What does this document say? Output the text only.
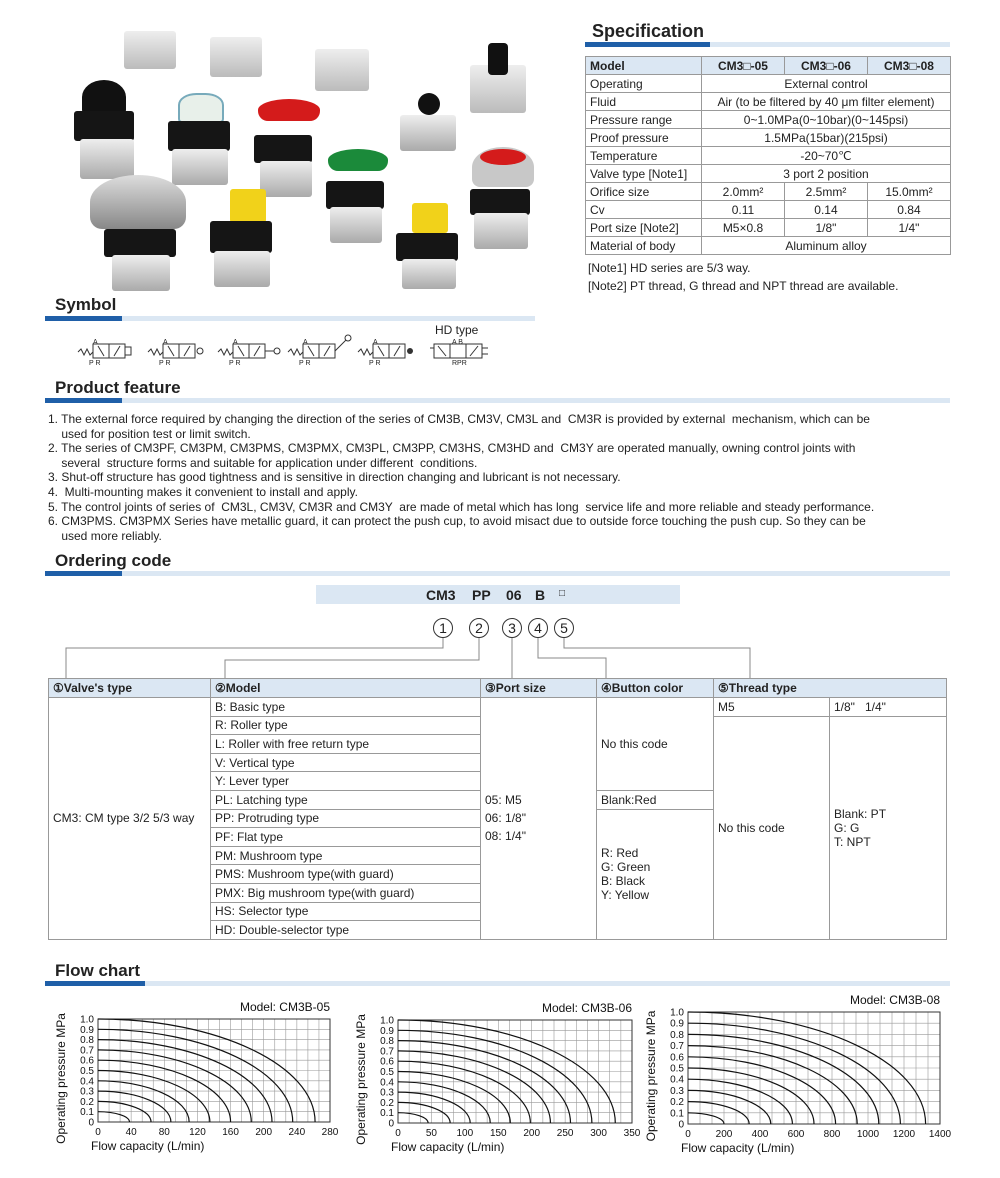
Specification
Model	CM3□-05	CM3□-06	CM3□-08
Operating	External control		
Fluid	Air (to be filtered by 40 μm filter element)		
Pressure range	0~1.0MPa(0~10bar)(0~145psi)		
Proof pressure	1.5MPa(15bar)(215psi)		
Temperature	-20~70℃		
Valve type [Note1]	3 port 2 position		
Orifice size	2.0mm²	2.5mm²	15.0mm²
Cv	0.11	0.14	0.84
Port size [Note2]	M5×0.8	1/8"	1/4"
Material of body	Aluminum alloy		
[Note1] HD series are 5/3 way.
[Note2] PT thread, G thread and NPT thread are available.
Symbol
P R	P R	P R	P R	P R
A	A	A	A	A
RPR
A B
HD type
Product feature
1. The external force required by changing the direction of the series of CM3B, CM3V, CM3L and  CM3R is provided by external  mechanism, which can be
used for position test or limit switch.
2. The series of CM3PF, CM3PM, CM3PMS, CM3PMX, CM3PL, CM3PP, CM3HS, CM3HD and  CM3Y are operated manually, owning control joints with
several  structure forms and suitable for application under different  conditions.
3. Shut-off structure has good tightness and is sensitive in direction changing and lubricant is not necessary.
4.  Multi-mounting makes it convenient to install and apply.
5. The control joints of series of  CM3L, CM3V, CM3R and CM3Y  are made of metal which has long  service life and more reliable and steady performance.
6. CM3PMS. CM3PMX Series have metallic guard, it can protect the push cup, to avoid misact due to outside force touching the push cup. So they can be
used more reliably.
Ordering code
CM3 PP 06 B □
1	2	3	4	5
①Valve's type	②Model	③Port size	④Button color	⑤Thread type	
CM3: CM type 3/2 5/3 way	B: Basic type	05: M5
06: 1/8"
08: 1/4"	No this code	M5	1/8"   1/4"
	R: Roller type			No this code	Blank: PT
G: G
T: NPT

	L: Roller with free return type				
	V: Vertical type				
	Y: Lever typer				
	PL: Latching type		Blank:Red		
	PP: Protruding type		R: Red
G: Green
B: Black
Y: Yellow		

	PF: Flat type				
	PM: Mushroom type				
	PMS: Mushroom type(with guard)				
	PMX: Big mushroom type(with guard)				
	HS: Selector type				
	HD: Double-selector type				
Flow chart
0
0.1
0.2
0.3
0.4
0.5
0.6
0.7
0.8
0.9
1.0
0 40 80 120 160 200 240 280
Model: CM3B-05
Flow capacity (L/min)
Operating pressure MPa	0
0.1
0.2
0.3
0.4
0.5
0.6
0.7
0.8
0.9
1.0
0	50 100 150 200 250 300 350
Model: CM3B-06
Flow capacity (L/min)
Operating pressure MPa	0
0.1
0.2
0.3
0.4
0.5
0.6
0.7
0.8
0.9
1.0
0 200 400 600 800 1000 1200 1400
Model: CM3B-08
Flow capacity (L/min)
Operating pressure MPa
